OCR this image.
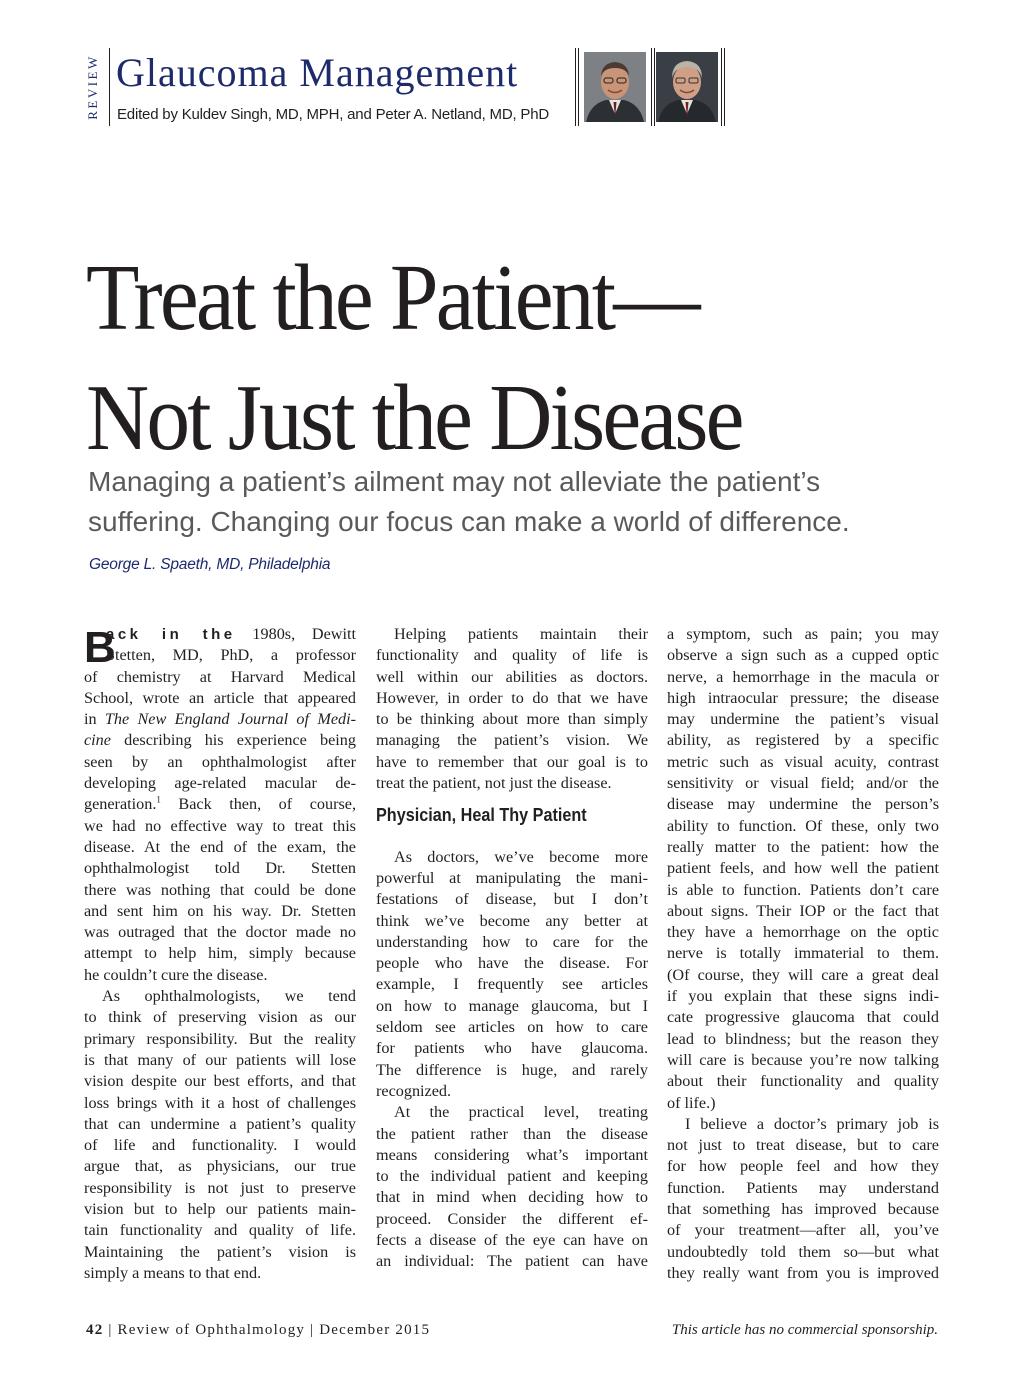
REVIEW Glaucoma Management
Edited by Kuldev Singh, MD, MPH, and Peter A. Netland, MD, PhD
Treat the Patient—
Not Just the Disease

Managing a patient’s ailment may not alleviate the patient’s
suffering. Changing our focus can make a world of difference.

George L. Spaeth, MD, Philadelphia
B
ack in the 1980s, Dewitt
Stetten, MD, PhD, a professor
of chemistry at Harvard Medical
School, wrote an article that appeared
in The New England Journal of Medi-
cine describing his experience being
seen by an ophthalmologist after
developing age-related macular de-
generation.$^1$ Back then, of course,
we had no effective way to treat this
disease. At the end of the exam, the
ophthalmologist told Dr. Stetten
there was nothing that could be done
and sent him on his way. Dr. Stetten
was outraged that the doctor made no
attempt to help him, simply because
he couldn’t cure the disease.
As ophthalmologists, we tend
to think of preserving vision as our
primary responsibility. But the reality
is that many of our patients will lose
vision despite our best efforts, and that
loss brings with it a host of challenges
that can undermine a patient’s quality
of life and functionality. I would
argue that, as physicians, our true
responsibility is not just to preserve
vision but to help our patients main-
tain functionality and quality of life.
Maintaining the patient’s vision is
simply a means to that end.
Helping patients maintain their
functionality and quality of life is
well within our abilities as doctors.
However, in order to do that we have
to be thinking about more than simply
managing the patient’s vision. We
have to remember that our goal is to
treat the patient, not just the disease.
Physician, Heal Thy Patient
As doctors, we’ve become more
powerful at manipulating the mani-
festations of disease, but I don’t
think we’ve become any better at
understanding how to care for the
people who have the disease. For
example, I frequently see articles
on how to manage glaucoma, but I
seldom see articles on how to care
for patients who have glaucoma.
The difference is huge, and rarely
recognized.
At the practical level, treating
the patient rather than the disease
means considering what’s important
to the individual patient and keeping
that in mind when deciding how to
proceed. Consider the different ef-
fects a disease of the eye can have on
an individual: The patient can have
a symptom, such as pain; you may
observe a sign such as a cupped optic
nerve, a hemorrhage in the macula or
high intraocular pressure; the disease
may undermine the patient’s visual
ability, as registered by a specific
metric such as visual acuity, contrast
sensitivity or visual field; and/or the
disease may undermine the person’s
ability to function. Of these, only two
really matter to the patient: how the
patient feels, and how well the patient
is able to function. Patients don’t care
about signs. Their IOP or the fact that
they have a hemorrhage on the optic
nerve is totally immaterial to them.
(Of course, they will care a great deal
if you explain that these signs indi-
cate progressive glaucoma that could
lead to blindness; but the reason they
will care is because you’re now talking
about their functionality and quality
of life.)
I believe a doctor’s primary job is
not just to treat disease, but to care
for how people feel and how they
function. Patients may understand
that something has improved because
of your treatment—after all, you’ve
undoubtedly told them so—but what
they really want from you is improved
42 | Review of Ophthalmology | December 2015	This article has no commercial sponsorship.
